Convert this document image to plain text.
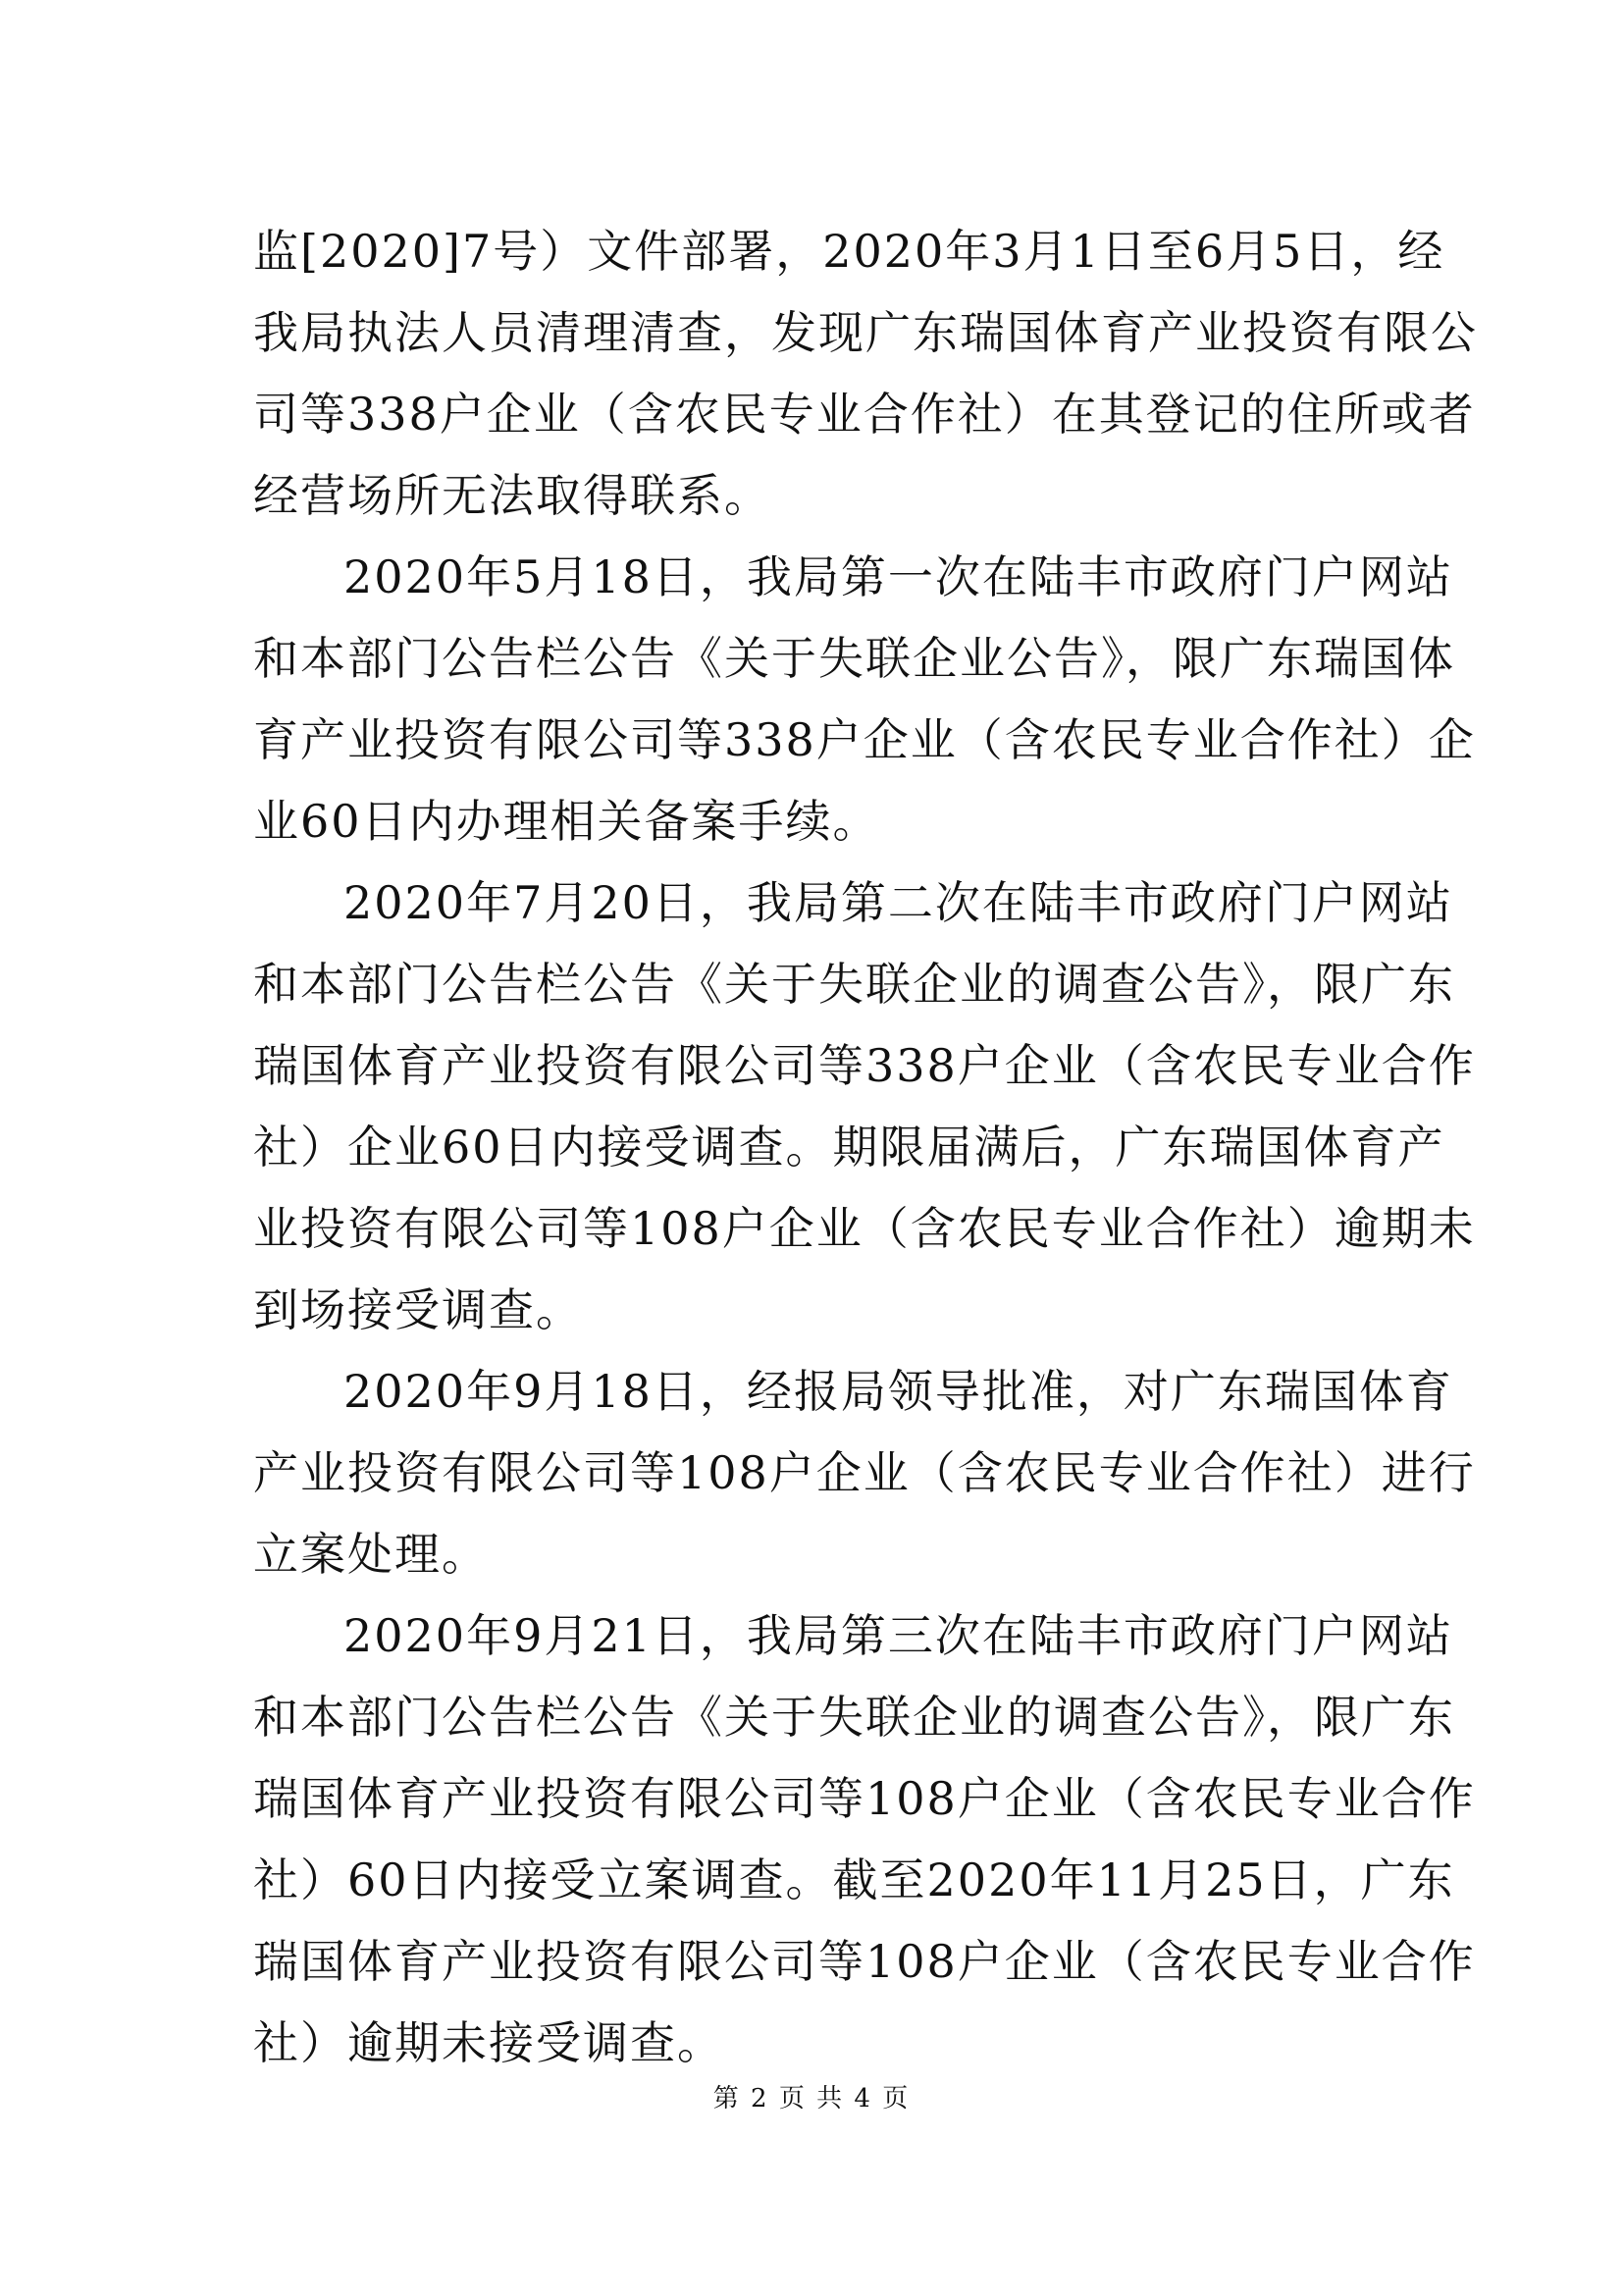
监[2020]7号）文件部署，2020年3月1日至6月5日，经
我局执法人员清理清查，发现广东瑞国体育产业投资有限公
司等338户企业（含农民专业合作社）在其登记的住所或者
经营场所无法取得联系。
2020年5月18日，我局第一次在陆丰市政府门户网站
和本部门公告栏公告《关于失联企业公告》，限广东瑞国体
育产业投资有限公司等338户企业（含农民专业合作社）企
业60日内办理相关备案手续。
2020年7月20日，我局第二次在陆丰市政府门户网站
和本部门公告栏公告《关于失联企业的调查公告》，限广东
瑞国体育产业投资有限公司等338户企业（含农民专业合作
社）企业60日内接受调查。期限届满后，广东瑞国体育产
业投资有限公司等108户企业（含农民专业合作社）逾期未
到场接受调查。
2020年9月18日，经报局领导批准，对广东瑞国体育
产业投资有限公司等108户企业（含农民专业合作社）进行
立案处理。
2020年9月21日，我局第三次在陆丰市政府门户网站
和本部门公告栏公告《关于失联企业的调查公告》，限广东
瑞国体育产业投资有限公司等108户企业（含农民专业合作
社）60日内接受立案调查。截至2020年11月25日，广东
瑞国体育产业投资有限公司等108户企业（含农民专业合作
社）逾期未接受调查。
第 2 页 共 4 页
